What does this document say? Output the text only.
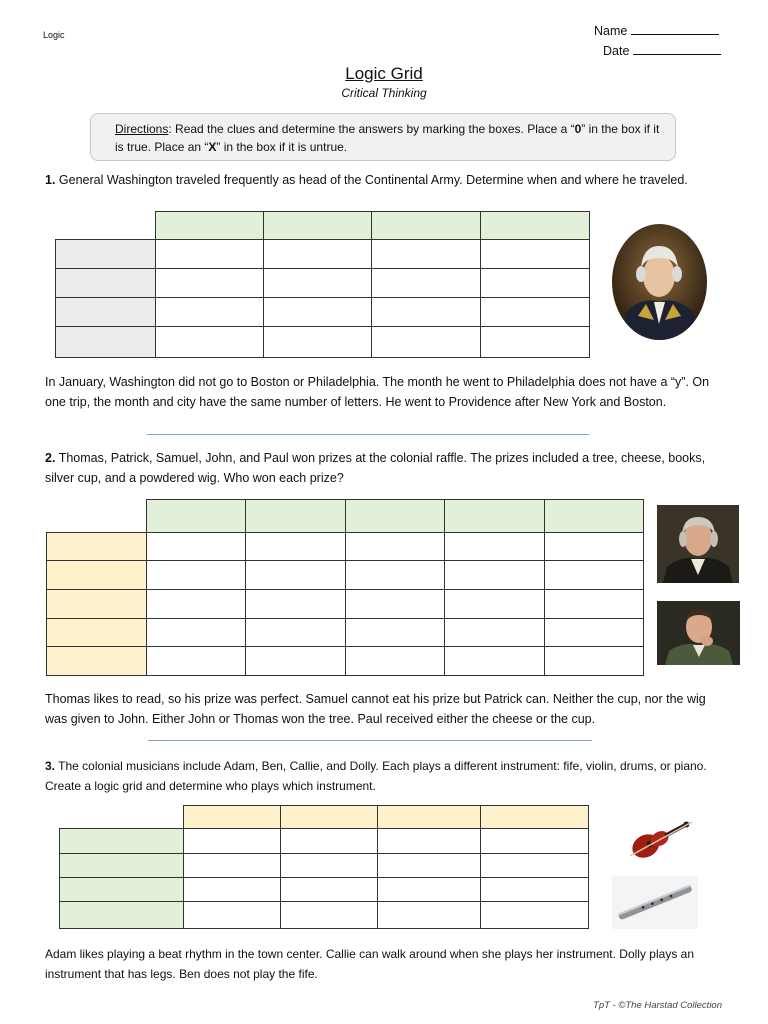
Logic	Name
Date
Logic Grid
Critical Thinking
Directions: Read the clues and determine the answers by marking the boxes. Place a “0” in the box if it is true. Place an “X” in the box if it is untrue.
1. General Washington traveled frequently as head of the Continental Army. Determine when and where he traveled.

In January, Washington did not go to Boston or Philadelphia. The month he went to Philadelphia does not have a “y”. On one trip, the month and city have the same number of letters. He went to Providence after New York and Boston.
2. Thomas, Patrick, Samuel, John, and Paul won prizes at the colonial raffle. The prizes included a tree, cheese, books, silver cup, and a powdered wig. Who won each prize?

Thomas likes to read, so his prize was perfect. Samuel cannot eat his prize but Patrick can. Neither the cup, nor the wig was given to John. Either John or Thomas won the tree. Paul received either the cheese or the cup.
3. The colonial musicians include Adam, Ben, Callie, and Dolly. Each plays a different instrument: fife, violin, drums, or piano. Create a logic grid and determine who plays which instrument.

Adam likes playing a beat rhythm in the town center. Callie can walk around when she plays her instrument. Dolly plays an instrument that has legs. Ben does not play the fife.
TpT - ©The Harstad Collection
